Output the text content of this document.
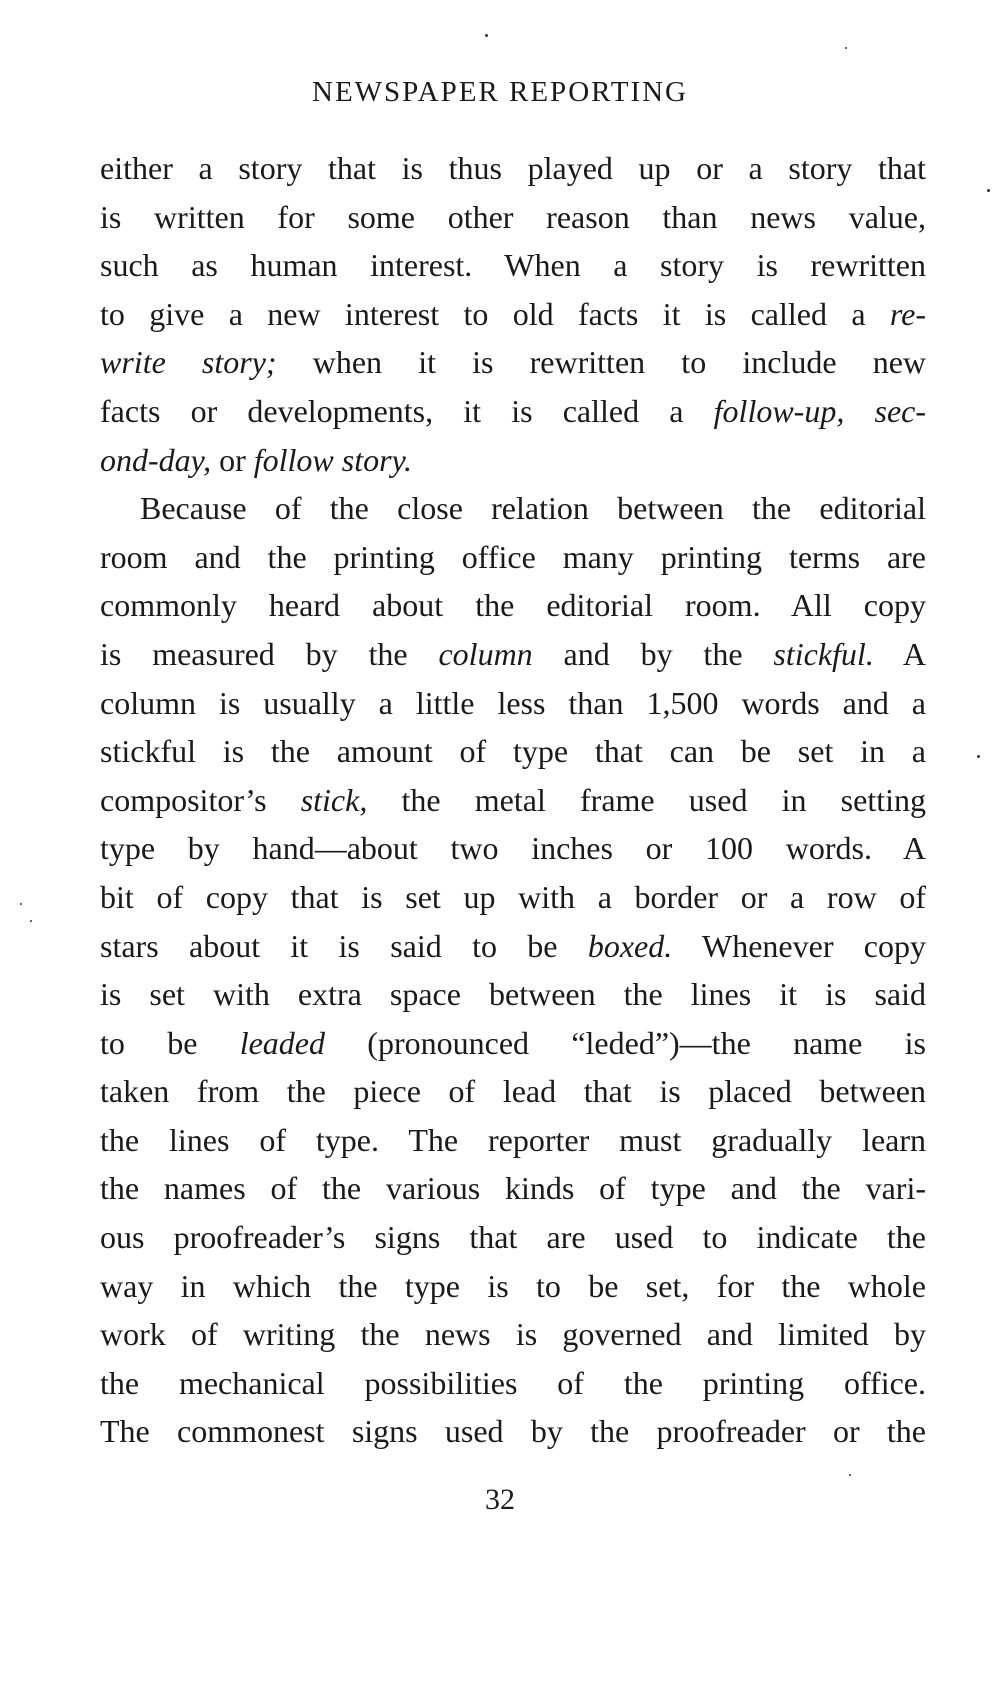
NEWSPAPER REPORTING
either a story that is thus played up or a story that
is written for some other reason than news value,
such as human interest. When a story is rewritten
to give a new interest to old facts it is called a re-
write story; when it is rewritten to include new
facts or developments, it is called a follow-up, sec-
ond-day, or follow story.
Because of the close relation between the editorial
room and the printing office many printing terms are
commonly heard about the editorial room. All copy
is measured by the column and by the stickful. A
column is usually a little less than 1,500 words and a
stickful is the amount of type that can be set in a
compositor’s stick, the metal frame used in setting
type by hand—about two inches or 100 words. A
bit of copy that is set up with a border or a row of
stars about it is said to be boxed. Whenever copy
is set with extra space between the lines it is said
to be leaded (pronounced “leded”)—the name is
taken from the piece of lead that is placed between
the lines of type. The reporter must gradually learn
the names of the various kinds of type and the vari-
ous proofreader’s signs that are used to indicate the
way in which the type is to be set, for the whole
work of writing the news is governed and limited by
the mechanical possibilities of the printing office.
The commonest signs used by the proofreader or the
32
